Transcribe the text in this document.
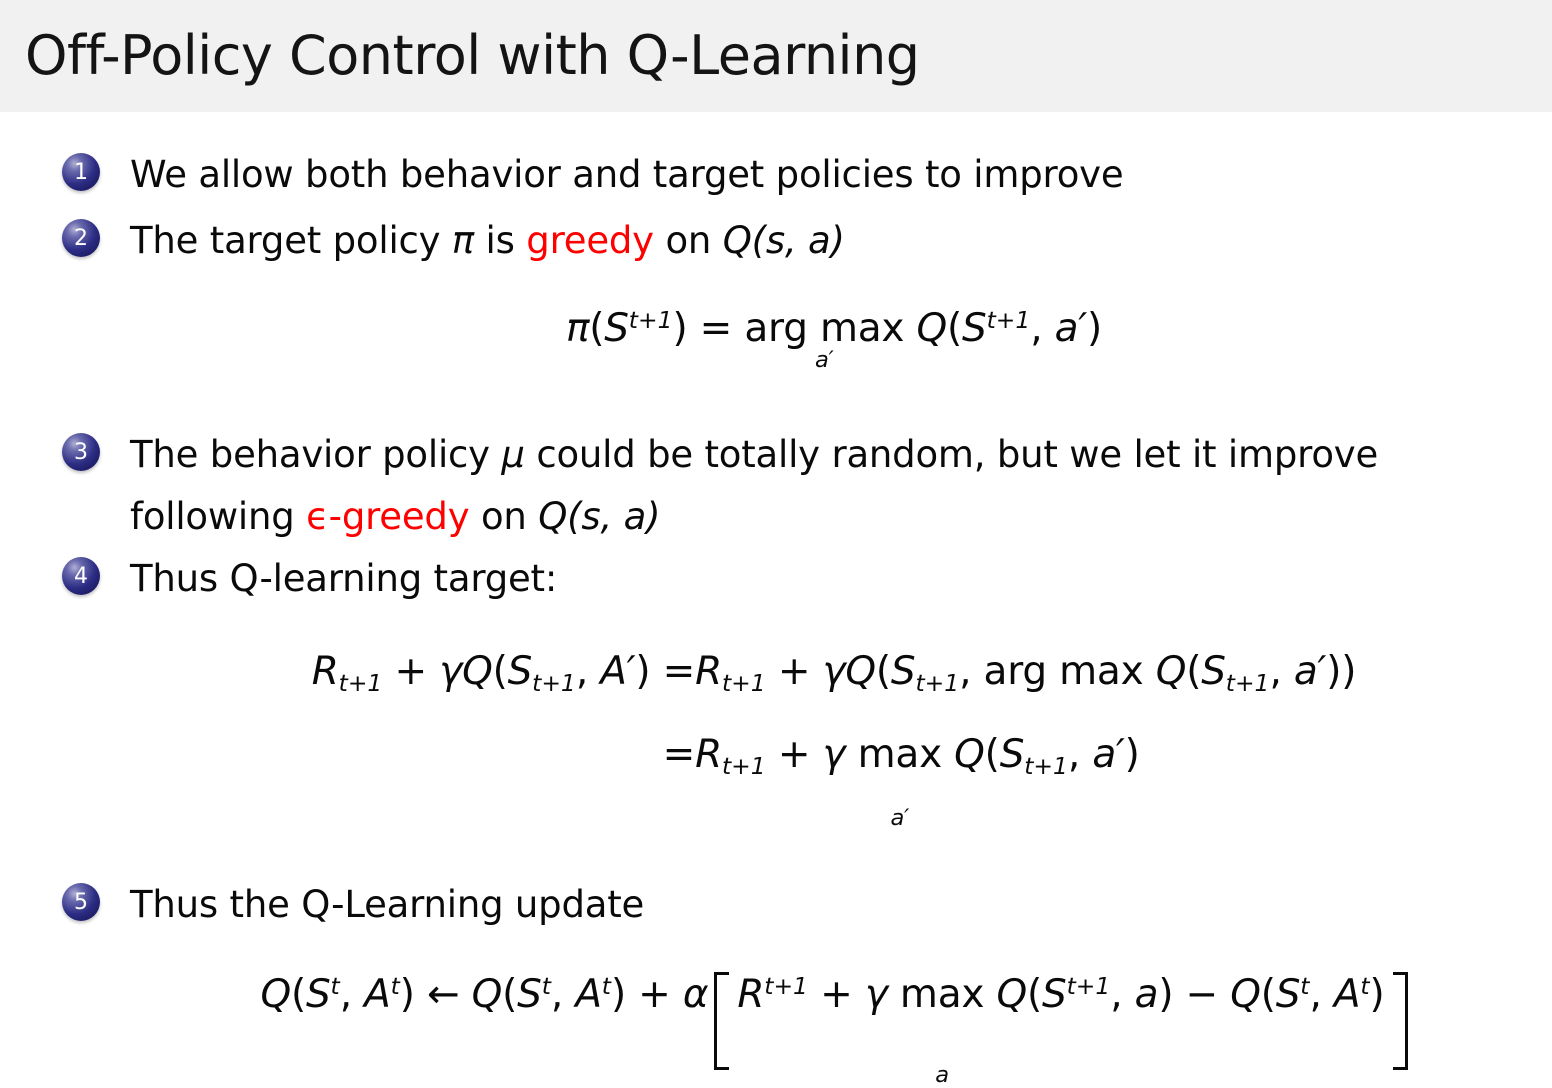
Off-Policy Control with Q-Learning
1	We allow both behavior and target policies to improve
2	The target policy π is greedy on Q(s, a)
π ( S t+1 ) = arg max
a′

Q ( S t+1 , a′ )
3	The behavior policy μ could be totally random, but we let it improve following ϵ-greedy on Q(s, a)
4	Thus Q-learning target:
Rt+1 + γQ(St+1, A′) =Rt+1 + γQ(St+1, arg max Q(St+1, a′))
=Rt+1 + γ max
a′
Q(St+1, a′)
5	Thus the Q-Learning update
Q ( S t , A t ) ← Q ( S t , A t ) + α R t+1 + γ
max
a

Q ( S t+1 , a ) − Q ( S t , A t )
